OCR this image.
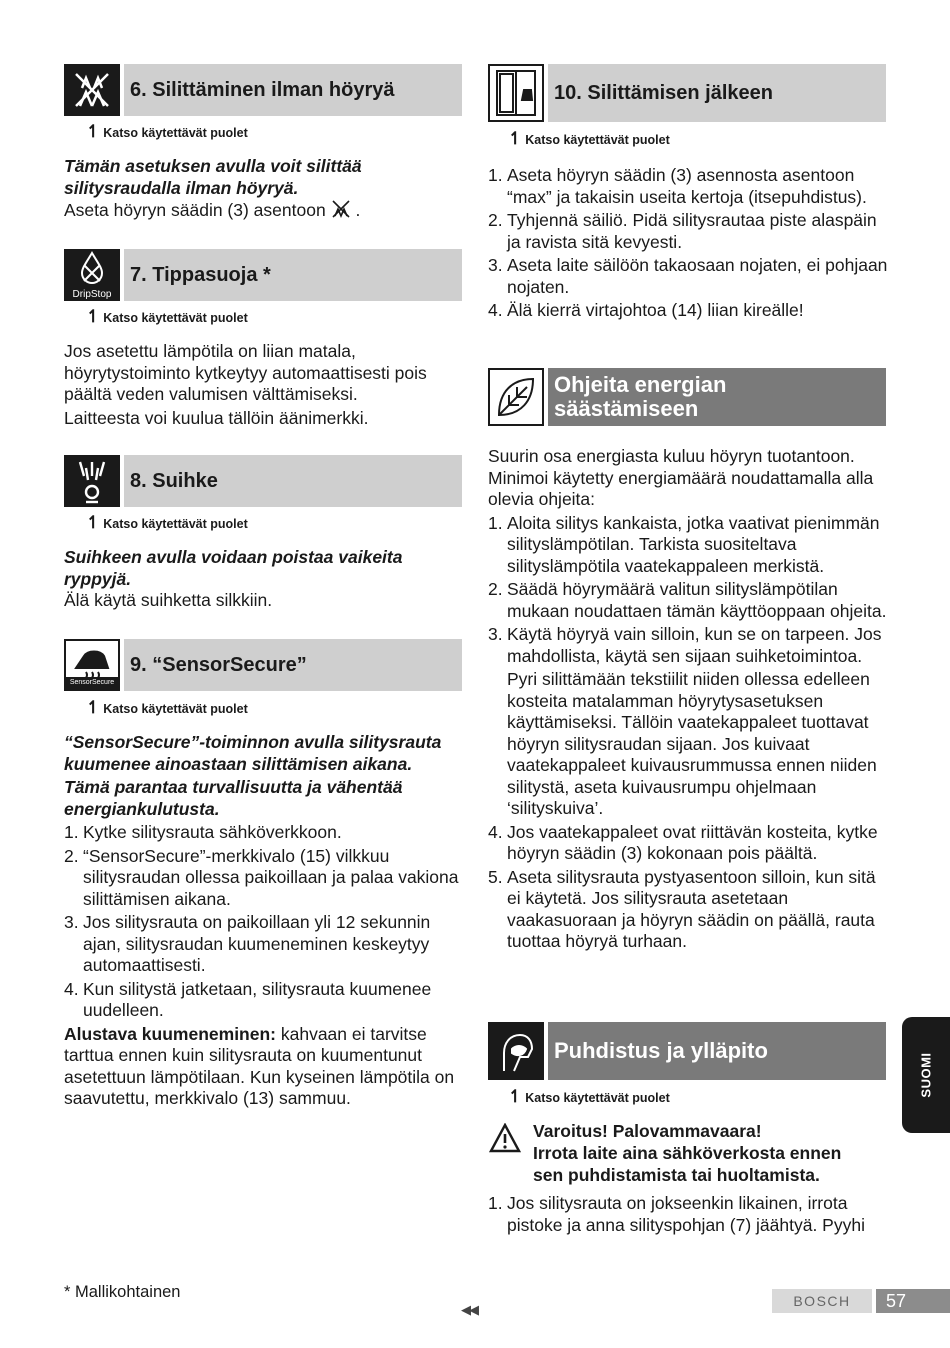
6. Silittäminen ilman höyryä
↿ Katso käytettävät puolet

Tämän asetuksen avulla voit silittää silitysraudalla ilman höyryä.

Aseta höyryn säädin (3) asentoon  .

DripStop
7. Tippasuoja *
↿ Katso käytettävät puolet

Jos asetettu lämpötila on liian matala, höyrytystoiminto kytkeytyy automaattisesti pois päältä veden valumisen välttämiseksi.

Laitteesta voi kuulua tällöin äänimerkki.

8. Suihke
↿ Katso käytettävät puolet

Suihkeen avulla voidaan poistaa vaikeita ryppyjä.

Älä käytä suihketta silkkiin.

SensorSecure
9. “SensorSecure”
↿ Katso käytettävät puolet

“SensorSecure”-toiminnon avulla silitysrauta kuumenee ainoastaan silittämisen aikana.

Tämä parantaa turvallisuutta ja vähentää energiankulutusta.

1. Kytke silitysrauta sähköverkkoon.
2. “SensorSecure”-merkkivalo (15) vilkkuu silitysraudan ollessa paikoillaan ja palaa vakiona silittämisen aikana.
3. Jos silitysrauta on paikoillaan yli 12 sekunnin ajan, silitysraudan kuumeneminen keskeytyy automaattisesti.
4. Kun silitystä jatketaan, silitysrauta kuumenee uudelleen.

Alustava kuumeneminen: kahvaan ei tarvitse tarttua ennen kuin silitysrauta on kuumentunut asetettuun lämpötilaan. Kun kyseinen lämpötila on saavutettu, merkkivalo (13) sammuu.

10. Silittämisen jälkeen
↿ Katso käytettävät puolet
1. Aseta höyryn säädin (3) asennosta asentoon “max” ja takaisin useita kertoja (itsepuhdistus).
2. Tyhjennä säiliö. Pidä silitysrautaa piste alaspäin ja ravista sitä kevyesti.
3. Aseta laite säilöön takaosaan nojaten, ei pohjaan nojaten.
4. Älä kierrä virtajohtoa (14) liian kireälle!
Ohjeita energian
säästämiseen

Suurin osa energiasta kuluu höyryn tuotantoon. Minimoi käytetty energiamäärä noudattamalla alla olevia ohjeita:

1. Aloita silitys kankaista, jotka vaativat pienimmän silityslämpötilan. Tarkista suositeltava silityslämpötila vaatekappaleen merkistä.
2. Säädä höyrymäärä valitun silityslämpötilan mukaan noudattaen tämän käyttöoppaan ohjeita.
3. Käytä höyryä vain silloin, kun se on tarpeen. Jos mahdollista, käytä sen sijaan suihketoimintoa.
Pyri silittämään tekstiilit niiden ollessa edelleen kosteita matalamman höyrytysasetuksen käyttämiseksi. Tällöin vaatekappaleet tuottavat höyryn silitysraudan sijaan. Jos kuivaat vaatekappaleet kuivausrummussa ennen niiden silitystä, aseta kuivausrumpu ohjelmaan ‘silityskuiva’.
4. Jos vaatekappaleet ovat riittävän kosteita, kytke höyryn säädin (3) kokonaan pois päältä.
5. Aseta silitysrauta pystyasentoon silloin, kun sitä ei käytetä. Jos silitysrauta asetetaan vaakasuoraan ja höyryn säädin on päällä, rauta tuottaa höyryä turhaan.
Puhdistus ja ylläpito
↿ Katso käytettävät puolet
Varoitus! Palovammavaara!
Irrota laite aina sähköverkosta ennen sen puhdistamista tai huoltamista.
1. Jos silitysrauta on jokseenkin likainen, irrota pistoke ja anna silityspohjan (7) jäähtyä. Pyyhi
SUOMI
* Mallikohtainen
◀◀
BOSCH	57
